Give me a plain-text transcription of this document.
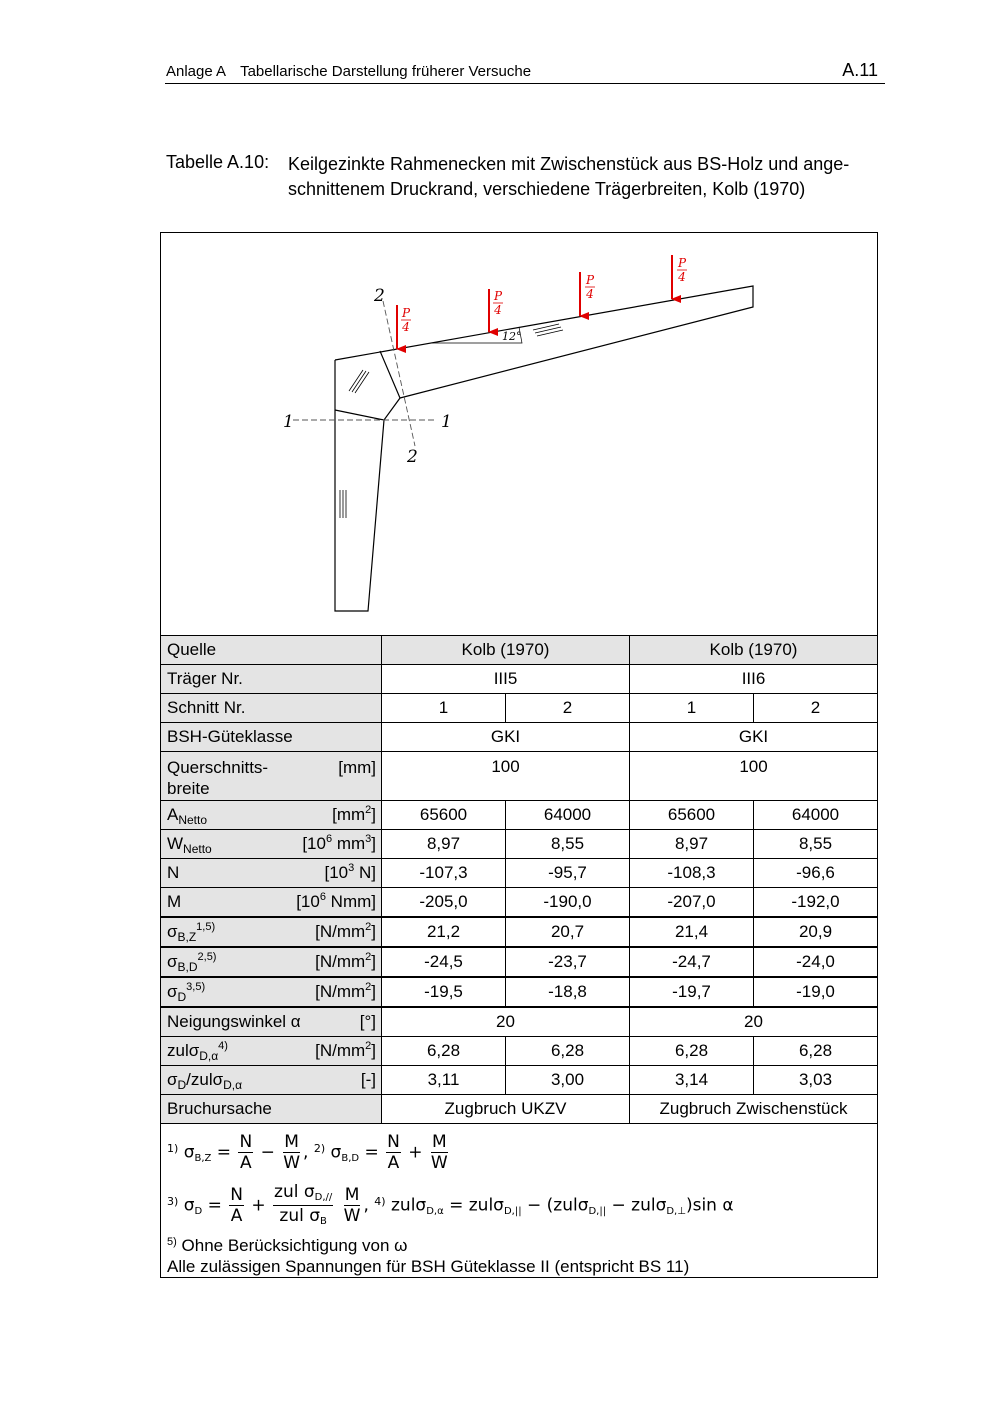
Anlage A Tabellarische Darstellung früherer Versuche	A.11
Tabelle A.10: Keilgezinkte Rahmenecken mit Zwischenstück aus BS-Holz und angeschnittenem Druckrand, verschiedene Trägerbreiten, Kolb (1970)
1	1
2
2
12°
P
4
P
4
P
4
P
4
Quelle	Kolb (1970)		Kolb (1970)	
Träger Nr.	III5		III6	
Schnitt Nr.	1	2	1	2
BSH-Güteklasse	GKI		GKI	

Querschnitts-
breite
[mm]	100		100	

$A_{Netto}$ $[mm^2]$	65600	64000	65600	64000

$W_{Netto}$ [$10^6$ $mm^3$]	8,97	8,55	8,97	8,55

N [$10^3$ N]	-107,3	-95,7	-108,3	-96,6

M [$10^6$ Nmm]	-205,0	-190,0	-207,0	-192,0

$\sigma_{B,Z}^{1,5)}$ $[N/mm^2]$	21,2	20,7	21,4	20,9

$\sigma_{B,D}^{2,5)}$ $[N/mm^2]$	-24,5	-23,7	-24,7	-24,0

$\sigma_D^{3,5)}$ $[N/mm^2]$	-19,5	-18,8	-19,7	-19,0

Neigungswinkel α [°]	20		20	

zulσ$_{D,\alpha}^{4)}$ $[N/mm^2]$	6,28	6,28	6,28	6,28

$\sigma_D/zul\sigma_{D,\alpha}$ [-]	3,11	3,00	3,14	3,03
Bruchursache	Zugbruch UKZV		Zugbruch Zwischenstück	
$^{1)}$ $\sigma B,Z = \frac{N}{A} - \frac{M}{W}$ , $^{2)}$ $\sigma B,D = \frac{N}{A} + \frac{M}{W}$
$^{3)}$ $\sigma D = \frac{N}{A} + \frac{\text{zul σD,//}}{\text{zul σB}}$
$\frac{M}{W}$ , $^{4)}$ zulσD,α = zulσD,|| − (zulσD,|| − zulσD,⊥)sin α
$^{5)}$ Ohne Berücksichtigung von ω
Alle zulässigen Spannungen für BSH Güteklasse II (entspricht BS 11)
